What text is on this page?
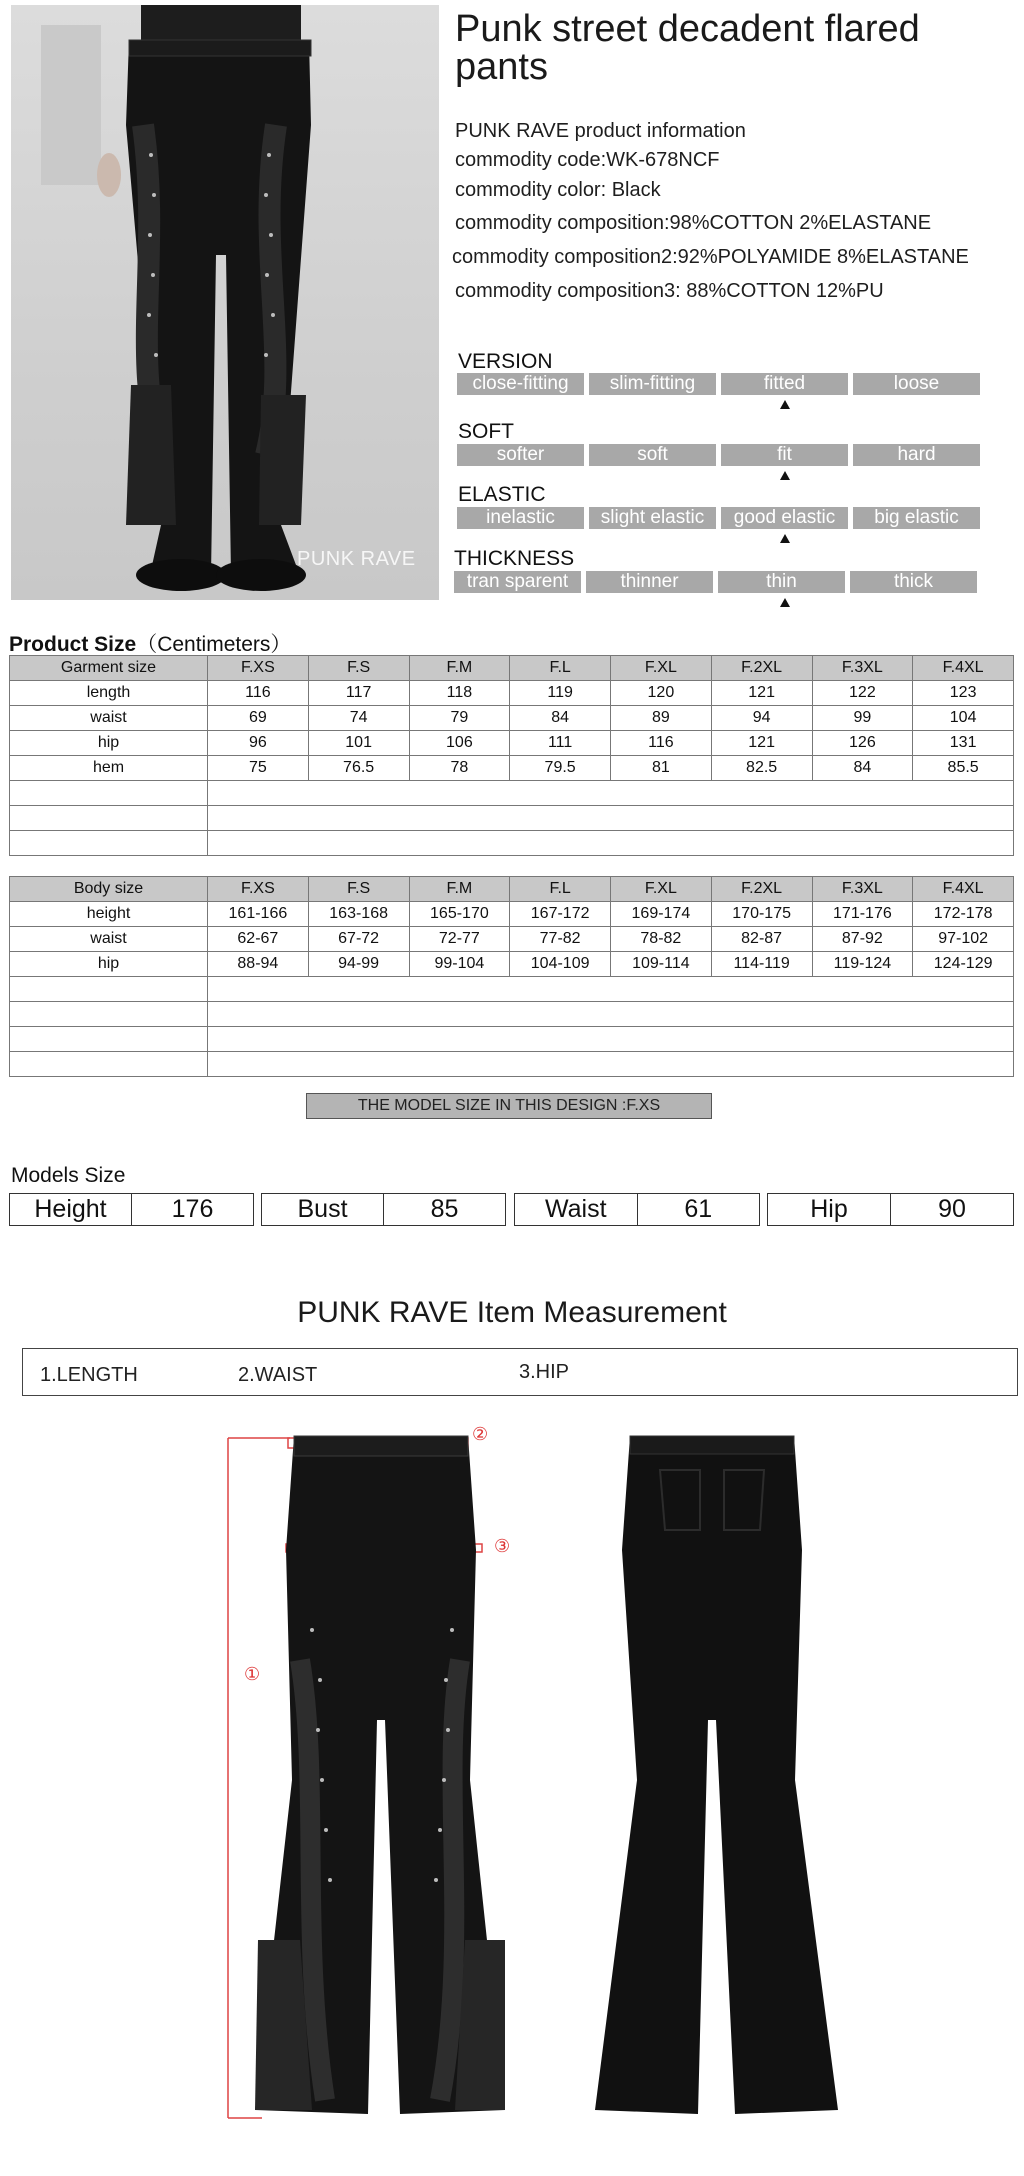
PUNK RAVE
Punk street decadent flared pants
PUNK RAVE product information
commodity code:WK-678NCF
commodity color: Black
commodity composition:98%COTTON 2%ELASTANE
commodity composition2:92%POLYAMIDE 8%ELASTANE
commodity composition3: 88%COTTON 12%PU
VERSION
close-fitting	slim-fitting	fitted	loose
SOFT
softer	soft	fit	hard
ELASTIC
inelastic	slight elastic	good elastic	big elastic
THICKNESS
tran sparent	thinner	thin	thick
Product Size（Centimeters）
Garment size	F.XS	F.S	F.M	F.L	F.XL	F.2XL	F.3XL	F.4XL
length	116	117	118	119	120	121	122	123
waist	69	74	79	84	89	94	99	104
hip	96	101	106	111	116	121	126	131
hem	75	76.5	78	79.5	81	82.5	84	85.5

Body size	F.XS	F.S	F.M	F.L	F.XL	F.2XL	F.3XL	F.4XL
height	161-166	163-168	165-170	167-172	169-174	170-175	171-176	172-178
waist	62-67	67-72	72-77	77-82	78-82	82-87	87-92	97-102
hip	88-94	94-99	99-104	104-109	109-114	114-119	119-124	124-129

THE MODEL SIZE IN THIS DESIGN :F.XS
Models Size
Height	176	Bust	85	Waist	61	Hip	90
PUNK RAVE Item Measurement
1.LENGTH	2.WAIST	3.HIP
①
②
③
